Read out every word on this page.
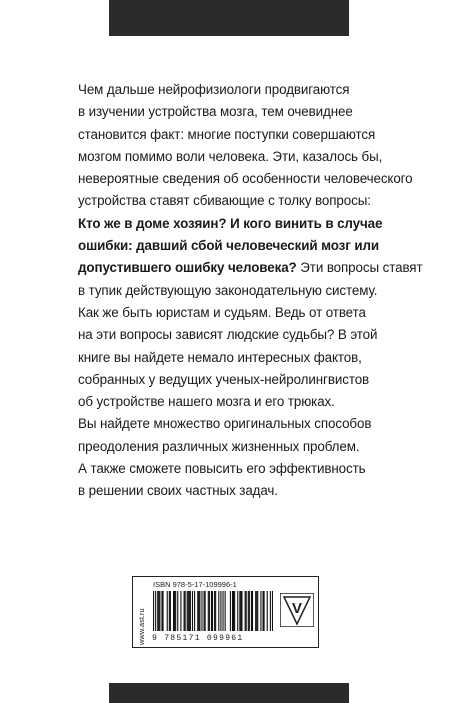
Чем дальше нейрофизиологи продвигаются
в изучении устройства мозга, тем очевиднее
становится факт: многие поступки совершаются
мозгом помимо воли человека. Эти, казалось бы,
невероятные сведения об особенности человеческого
устройства ставят сбивающие с толку вопросы:
Кто же в доме хозяин? И кого винить в случае
ошибки: давший сбой человеческий мозг или
допустившего ошибку человека? Эти вопросы ставят
в тупик действующую законодательную систему.
Как же быть юристам и судьям. Ведь от ответа
на эти вопросы зависят людские судьбы? В этой
книге вы найдете немало интересных фактов,
собранных у ведущих ученых-нейролингвистов
об устройстве нашего мозга и его трюках.
Вы найдете множество оригинальных способов
преодоления различных жизненных проблем.
А также сможете повысить его эффективность
в решении своих частных задач.
www.ast.ru
ISBN 978-5-17-109996-1
9 785171 099961
V
